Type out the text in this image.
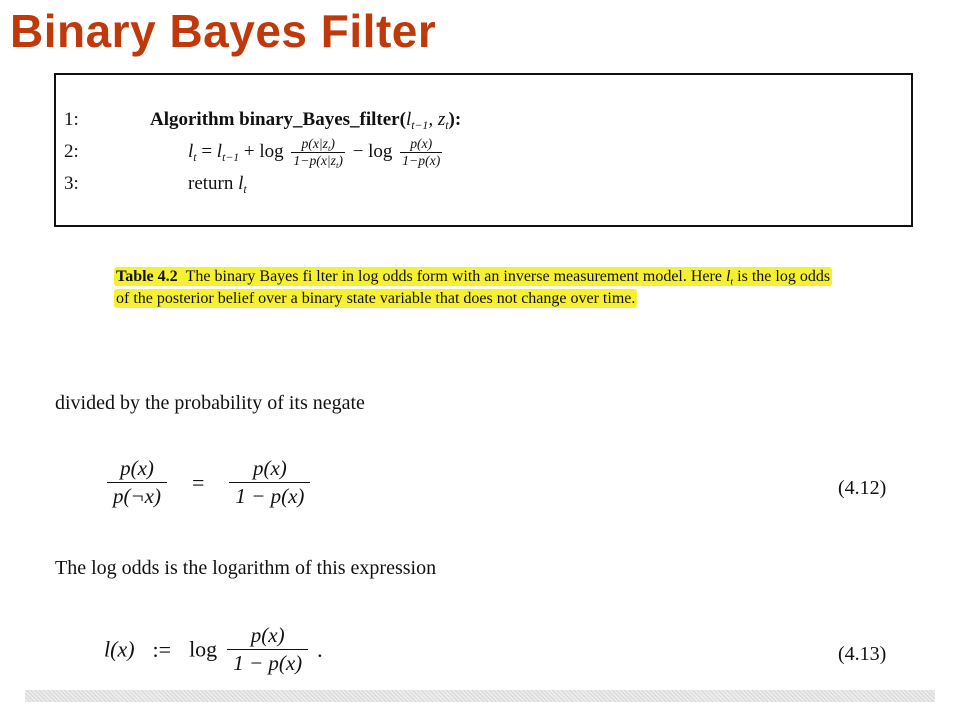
Binary Bayes Filter
1:	Algorithm $binary\_Bayes\_filter(l_{t-1}$, $z_t$):
2:	$l_t = l_{t-1} + \log \frac{p(x|z_t)}{1-p(x|z_t)} - \log \frac{p(x)}{1-p(x)}$
3:	return $l_t$
Table 4.2 The binary Bayes fi lter in log odds form with an inverse measurement model. Here $l_t$ is the log odds of the posterior belief over a binary state variable that does not change over time.
divided by the probability of its negate
$\frac{p(x)}{p(\neg x)} = \frac{p(x)}{1 - p(x)}$	(4.12)
The log odds is the logarithm of this expression
l(x) := $\log \frac{p(x)}{1 - p(x)}$ .	(4.13)
